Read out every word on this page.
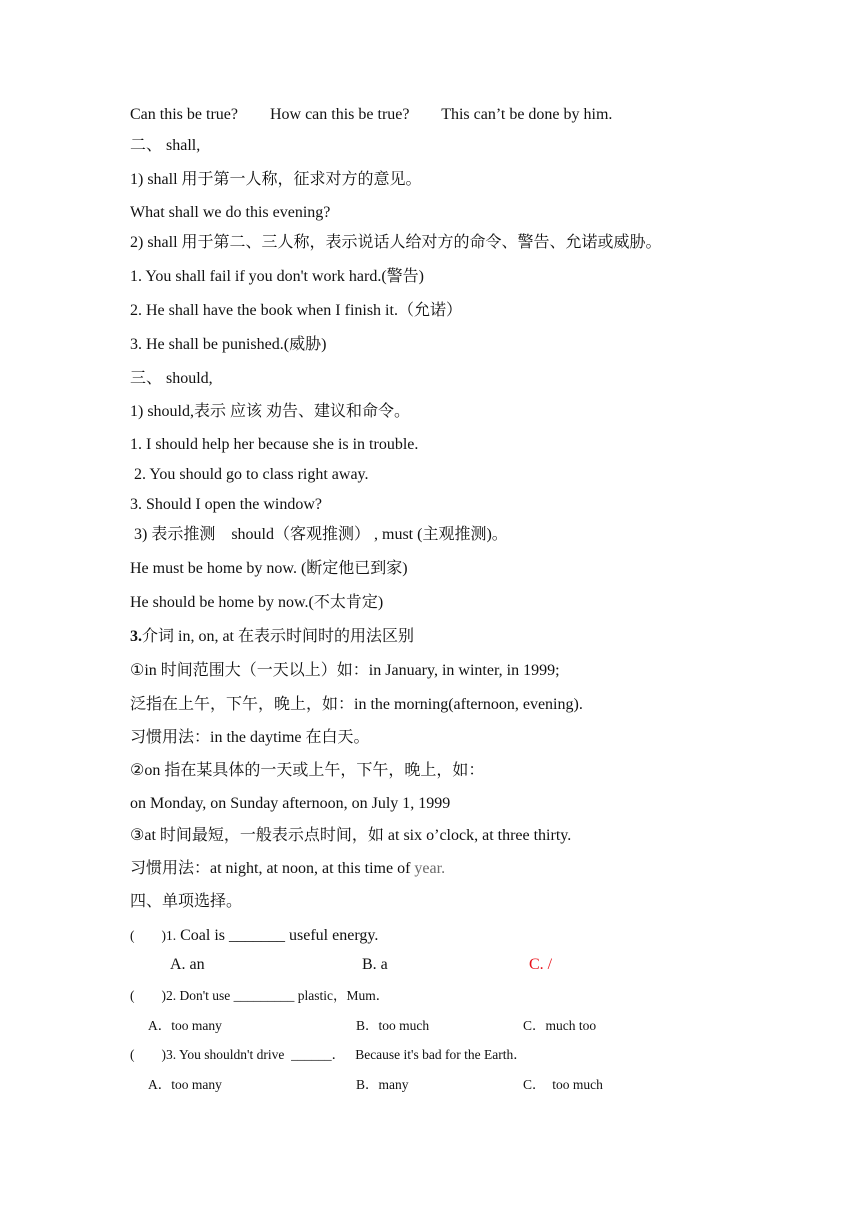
Can this be true?        How can this be true?        This can’t be done by him.
二、 shall,
1) shall 用于第一人称，征求对方的意见。
What shall we do this evening?
2) shall 用于第二、三人称，表示说话人给对方的命令、警告、允诺或威胁。
1. You shall fail if you don't work hard.(警告)
2. He shall have the book when I finish it.（允诺）
3. He shall be punished.(威胁)
三、 should,
1) should,表示 应该 劝告、建议和命令。
1. I should help her because she is in trouble.
2. You should go to class right away.
3. Should I open the window?
3) 表示推测    should（客观推测） , must (主观推测)。
He must be home by now. (断定他已到家)
He should be home by now.(不太肯定)
3.介词 in, on, at 在表示时间时的用法区别
①in 时间范围大（一天以上）如：in January, in winter, in 1999;
泛指在上午，下午，晚上，如：in the morning(afternoon, evening).
习惯用法：in the daytime 在白天。
②on 指在某具体的一天或上午，下午，晚上，如：
on Monday, on Sunday afternoon, on July 1, 1999
③at 时间最短，一般表示点时间，如 at six o’clock, at three thirty.
习惯用法：at night, at noon, at this time of year.
四、单项选择。
(        )1. Coal is _______ useful energy.
A. an	B. a	C. /
(        )2. Don't use _________ plastic，Mum．
A．too many	B．too much	C．much too
(        )3. You shouldn't drive  ______．   Because it's bad for the Earth．
A．too many	B．many	C．  too much
